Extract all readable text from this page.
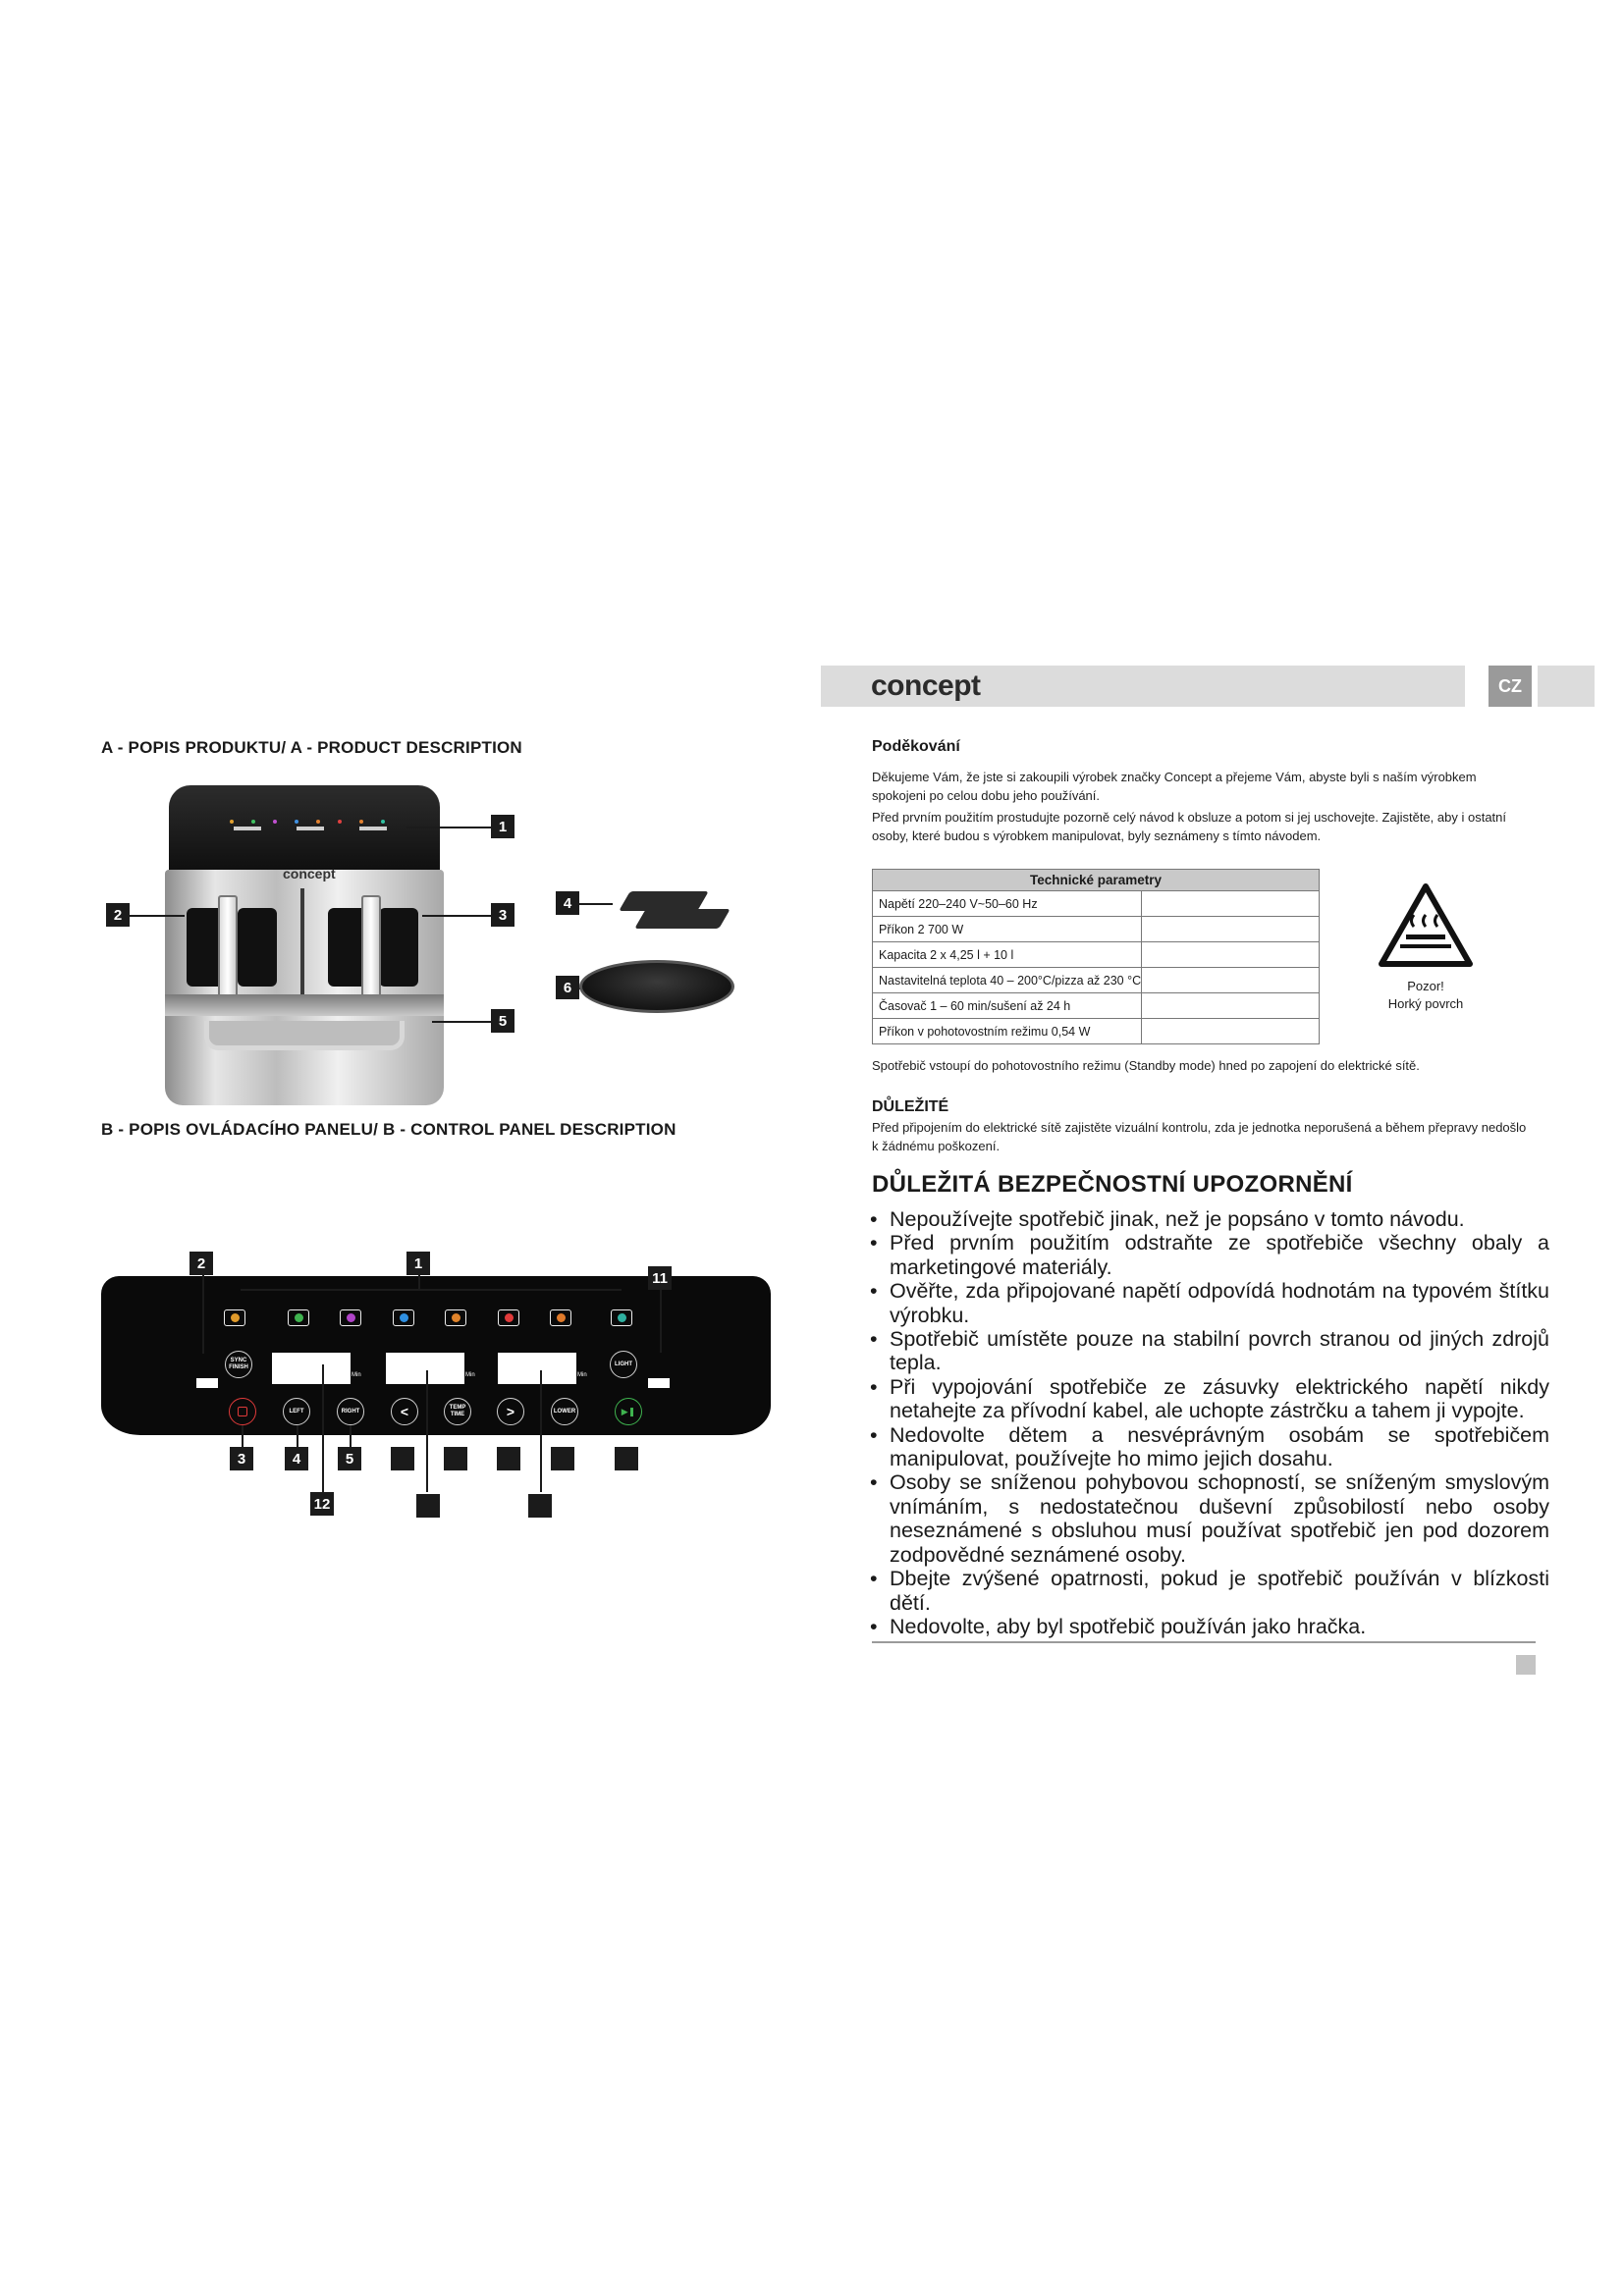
A - POPIS PRODUKTU/ A - PRODUCT DESCRIPTION
concept
1
2	3
5
4
6
B - POPIS OVLÁDACÍHO PANELU/ B - CONTROL PANEL DESCRIPTION
2	1
11
Min	Min	Min
SYNC FINISH
LIGHT
LEFT	RIGHT	<	TEMP TIME	>	LOWER	▶❚
3	4	5
12
concept	CZ
Poděkování
Děkujeme Vám, že jste si zakoupili výrobek značky Concept a přejeme Vám, abyste byli s naším výrobkem spokojeni po celou dobu jeho používání.
Před prvním použitím prostudujte pozorně celý návod k obsluze a potom si jej uschovejte. Zajistěte, aby i ostatní osoby, které budou s výrobkem manipulovat, byly seznámeny s tímto návodem.
Technické parametry	
Napětí 220–240 V~50–60 Hz	
Příkon 2 700 W	
Kapacita 2 x 4,25 l + 10 l	
Nastavitelná teplota 40 – 200°C/pizza až 230 °C	
Časovač 1 – 60 min/sušení až 24 h	
Příkon v pohotovostním režimu 0,54 W	
Pozor!
Horký povrch
Spotřebič vstoupí do pohotovostního režimu (Standby mode) hned po zapojení do elektrické sítě.
DŮLEŽITÉ
Před připojením do elektrické sítě zajistěte vizuální kontrolu, zda je jednotka neporušená a během přepravy nedošlo k žádnému poškození.
DŮLEŽITÁ BEZPEČNOSTNÍ UPOZORNĚNÍ
• Nepoužívejte spotřebič jinak, než je popsáno v tomto návodu.
• Před prvním použitím odstraňte ze spotřebiče všechny obaly a marketingové materiály.
• Ověřte, zda připojované napětí odpovídá hodnotám na typovém štítku výrobku.
• Spotřebič umístěte pouze na stabilní povrch stranou od jiných zdrojů tepla.
• Při vypojování spotřebiče ze zásuvky elektrického napětí nikdy netahejte za přívodní kabel, ale uchopte zástrčku a tahem ji vypojte.
• Nedovolte dětem a nesvéprávným osobám se spotřebičem manipulovat, používejte ho mimo jejich dosahu.
• Osoby se sníženou pohybovou schopností, se sníženým smyslovým vnímáním, s nedostatečnou duševní způsobilostí nebo osoby neseznámené s obsluhou musí používat spotřebič jen pod dozorem zodpovědné seznámené osoby.
• Dbejte zvýšené opatrnosti, pokud je spotřebič používán v blízkosti dětí.
• Nedovolte, aby byl spotřebič používán jako hračka.
